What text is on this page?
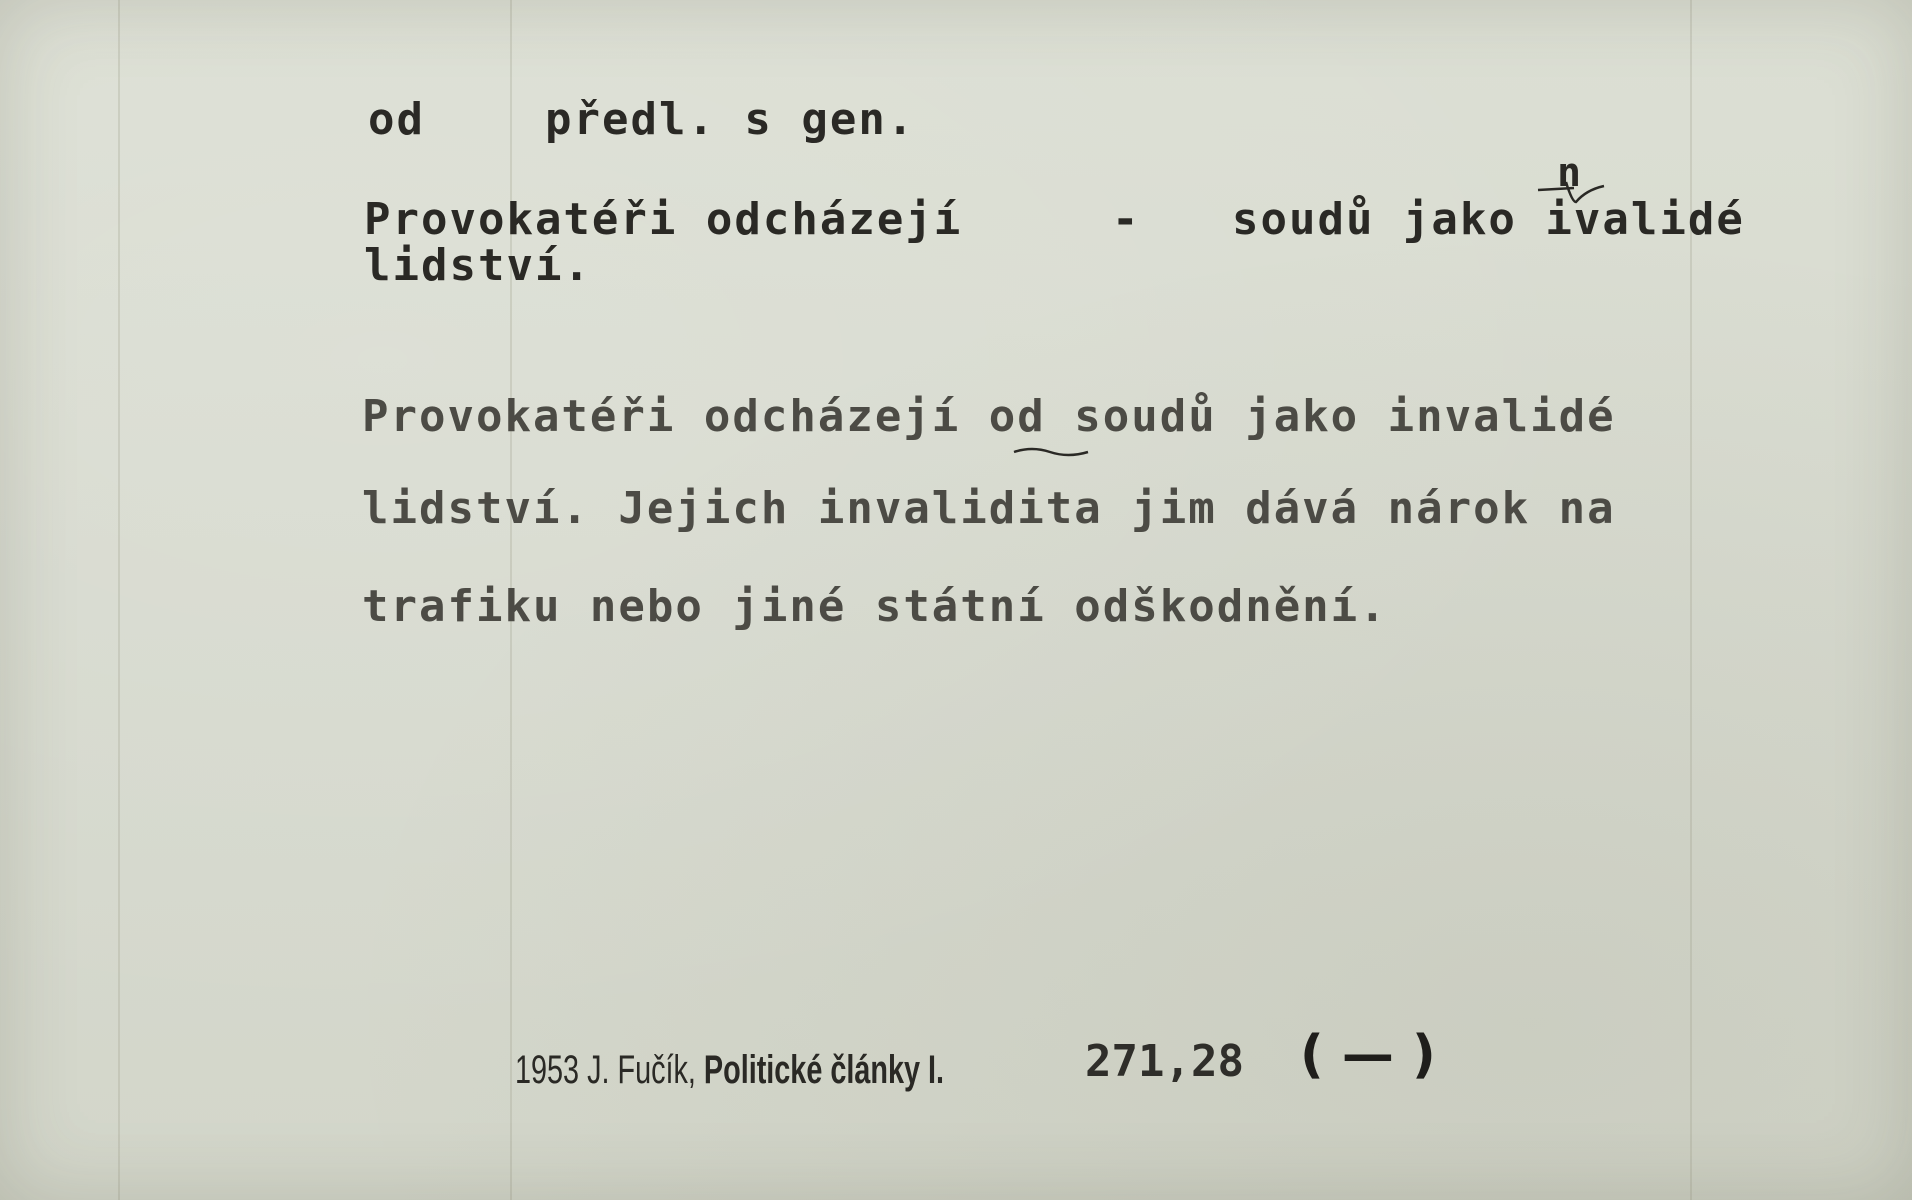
od	předl. s gen.
Provokatéři odcházejí	- soudů jako ivalidé
lidství.
n
Provokatéři odcházejí od soudů jako invalidé
lidství. Jejich invalidita jim dává nárok na
trafiku nebo jiné státní odškodnění.
1953 J. Fučík, Politické články I.	271,28 ( — )
